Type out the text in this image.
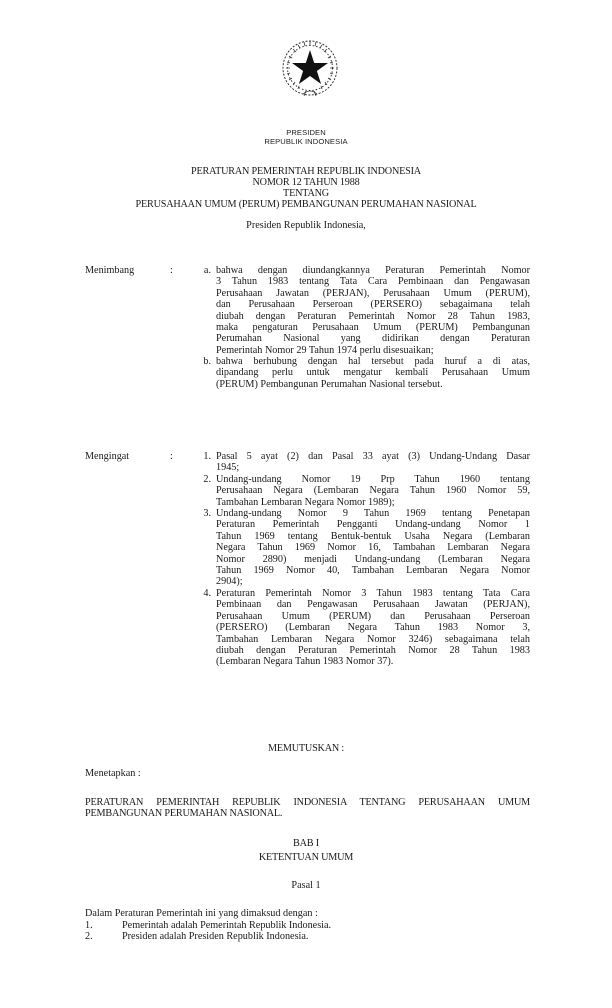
PRESIDEN
REPUBLIK INDONESIA
PERATURAN PEMERINTAH REPUBLIK INDONESIA
NOMOR 12 TAHUN 1988
TENTANG
PERUSAHAAN UMUM (PERUM) PEMBANGUNAN PERUMAHAN NASIONAL
Presiden Republik Indonesia,
Menimbang	:	a. bahwa dengan diundangkannya Peraturan Pemerintah Nomor
3 Tahun 1983 tentang Tata Cara Pembinaan dan Pengawasan
Perusahaan Jawatan (PERJAN), Perusahaan Umum (PERUM),
dan Perusahaan Perseroan (PERSERO) sebagaimana telah
diubah dengan Peraturan Pemerintah Nomor 28 Tahun 1983,
maka pengaturan Perusahaan Umum (PERUM) Pembangunan
Perumahan Nasional yang didirikan dengan Peraturan
Pemerintah Nomor 29 Tahun 1974 perlu disesuaikan;
b. bahwa berhubung dengan hal tersebut pada huruf a di atas,
dipandang perlu untuk mengatur kembali Perusahaan Umum
(PERUM) Pembangunan Perumahan Nasional tersebut.
Mengingat	:	1. Pasal 5 ayat (2) dan Pasal 33 ayat (3) Undang-Undang Dasar
1945;
2. Undang-undang Nomor 19 Prp Tahun 1960 tentang
Perusahaan Negara (Lembaran Negara Tahun 1960 Nomor 59,
Tambahan Lembaran Negara Nomor 1989);
3. Undang-undang Nomor 9 Tahun 1969 tentang Penetapan
Peraturan Pemerintah Pengganti Undang-undang Nomor 1
Tahun 1969 tentang Bentuk-bentuk Usaha Negara (Lembaran
Negara Tahun 1969 Nomor 16, Tambahan Lembaran Negara
Nomor 2890) menjadi Undang-undang (Lembaran Negara
Tahun 1969 Nomor 40, Tambahan Lembaran Negara Nomor
2904);
4. Peraturan Pemerintah Nomor 3 Tahun 1983 tentang Tata Cara
Pembinaan dan Pengawasan Perusahaan Jawatan (PERJAN),
Perusahaan Umum (PERUM) dan Perusahaan Perseroan
(PERSERO) (Lembaran Negara Tahun 1983 Nomor 3,
Tambahan Lembaran Negara Nomor 3246) sebagaimana telah
diubah dengan Peraturan Pemerintah Nomor 28 Tahun 1983
(Lembaran Negara Tahun 1983 Nomor 37).
MEMUTUSKAN :
Menetapkan :
PERATURAN PEMERINTAH REPUBLIK INDONESIA TENTANG PERUSAHAAN UMUM
PEMBANGUNAN PERUMAHAN NASIONAL.
BAB I
KETENTUAN UMUM
Pasal 1
Dalam Peraturan Pemerintah ini yang dimaksud dengan :
1.	Pemerintah adalah Pemerintah Republik Indonesia.
2.	Presiden adalah Presiden Republik Indonesia.
